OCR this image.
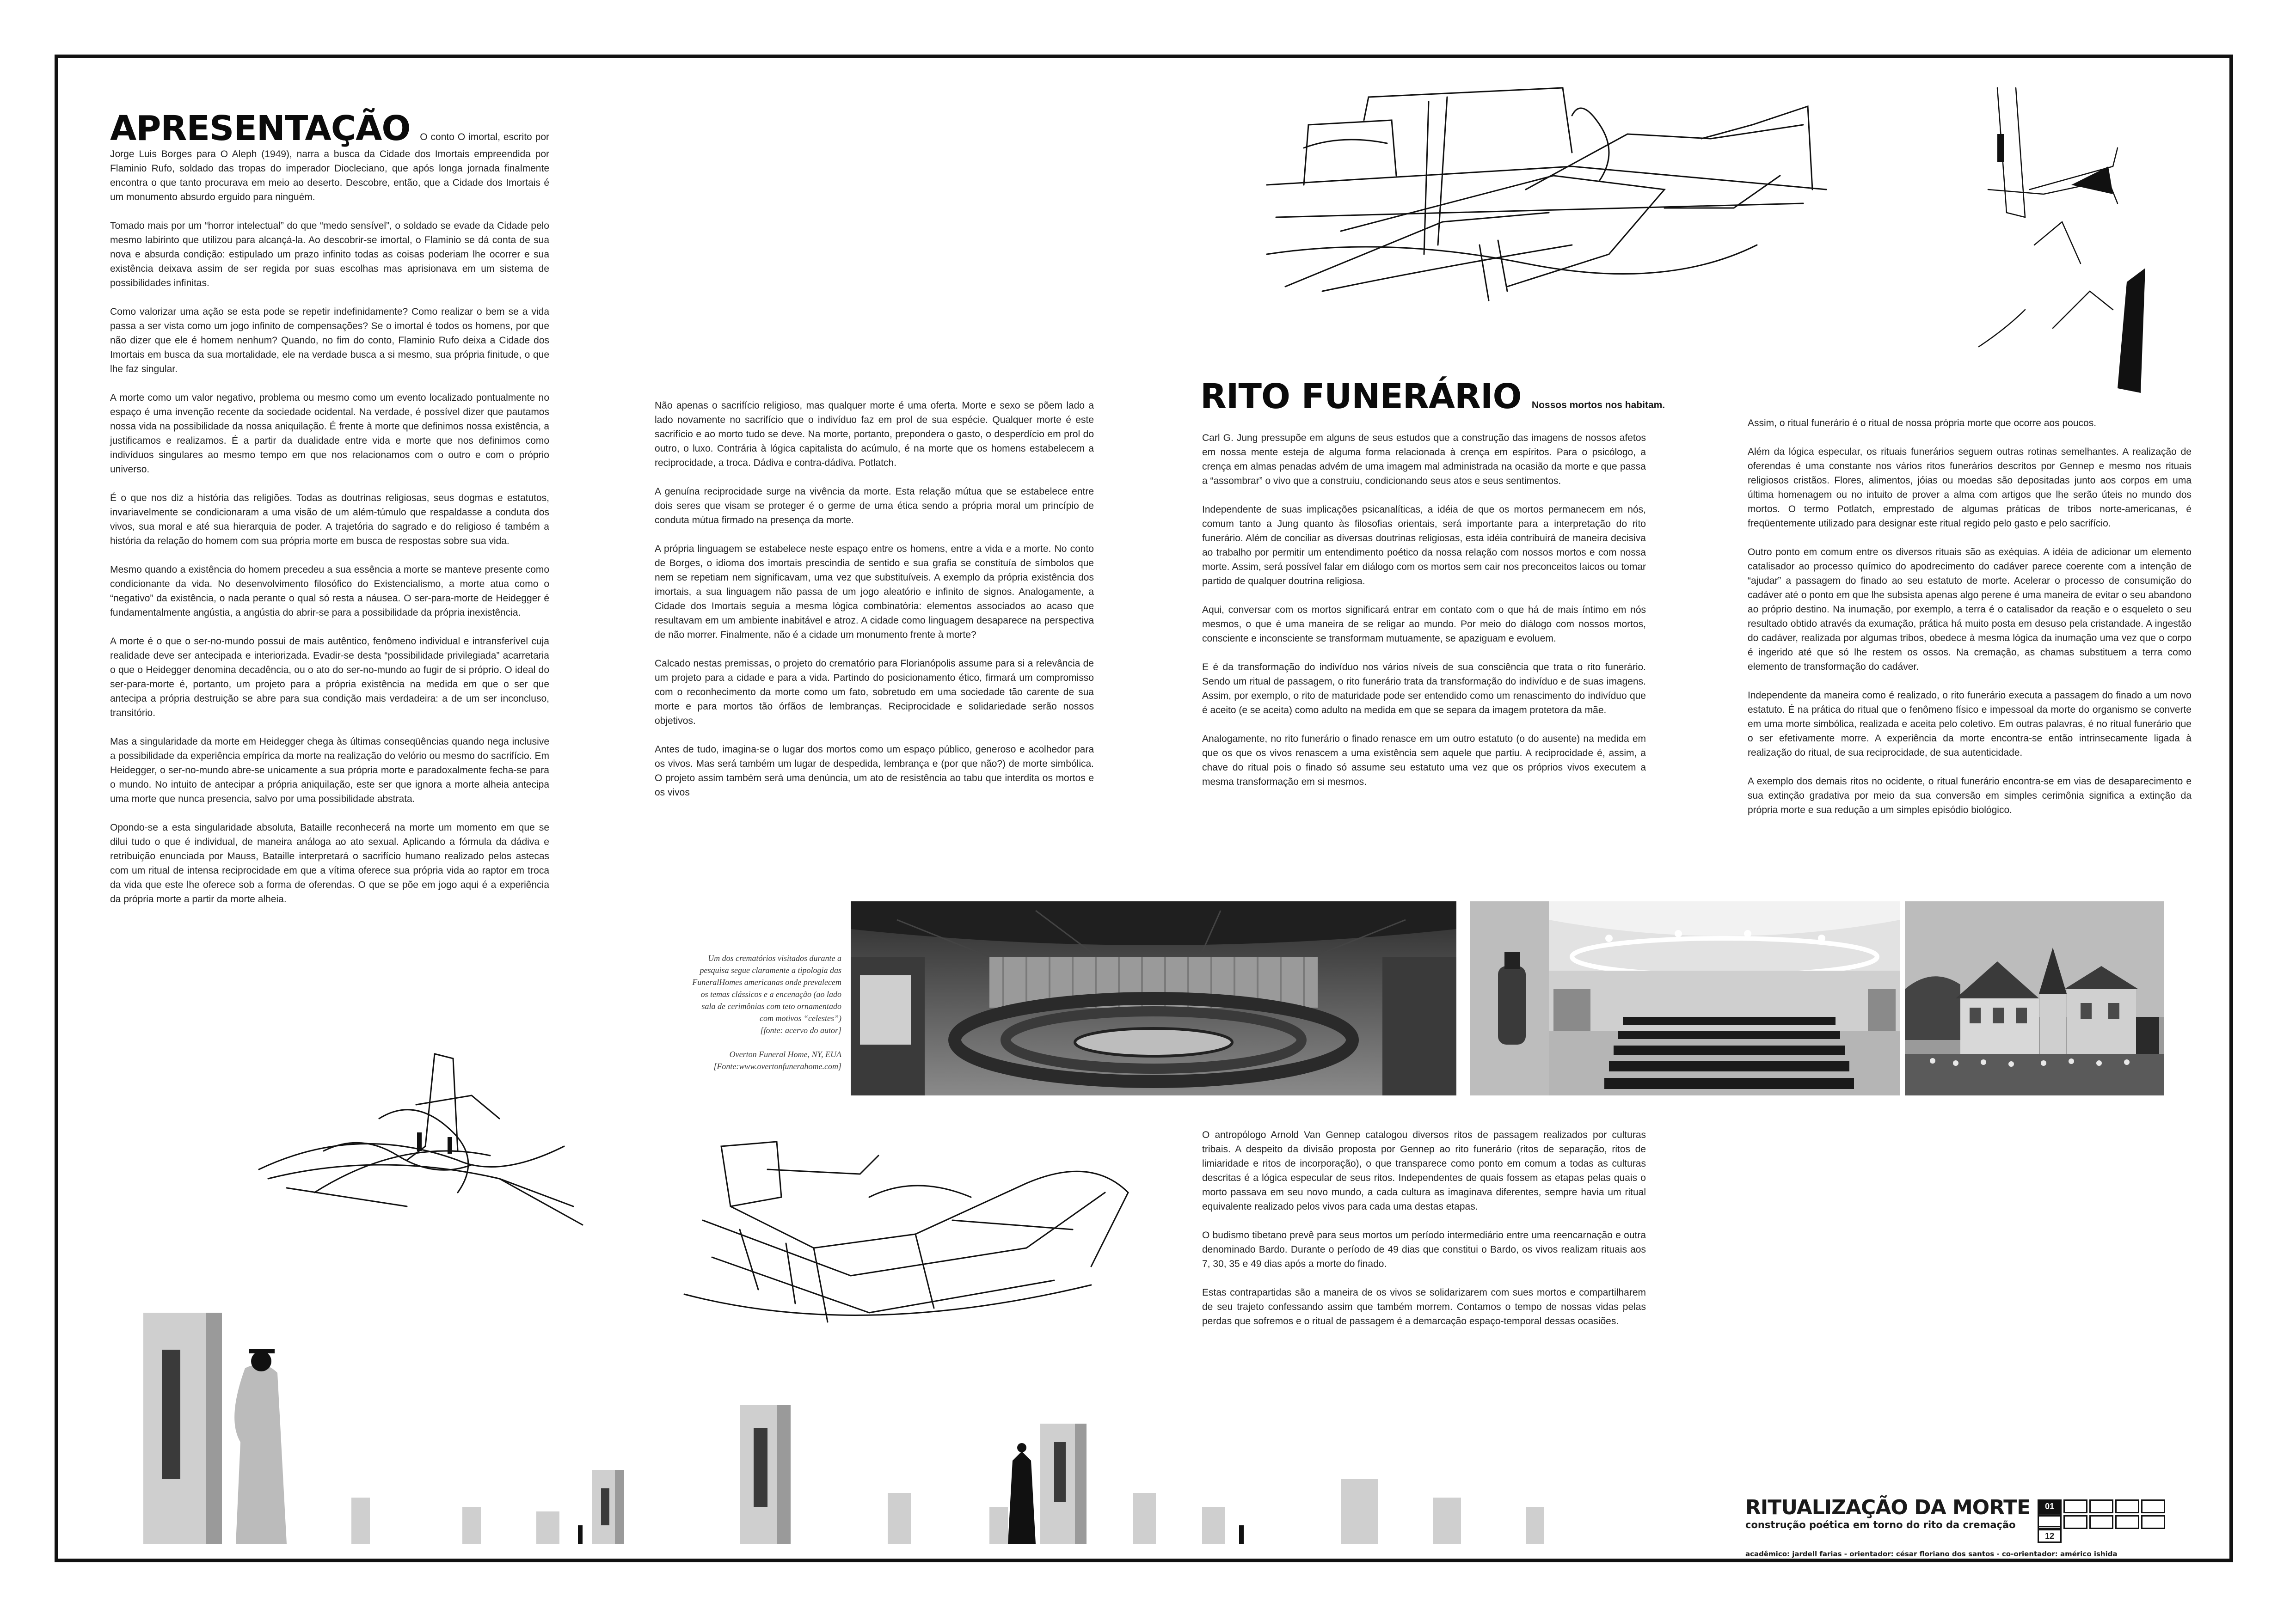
APRESENTAÇÃO O conto O imortal, escrito por Jorge Luis Borges para O Aleph (1949), narra a busca da Cidade dos Imortais empreendida por Flaminio Rufo, soldado das tropas do imperador Diocleciano, que após longa jornada finalmente encontra o que tanto procurava em meio ao deserto. Descobre, então, que a Cidade dos Imortais é um monumento absurdo erguido para ninguém.

Tomado mais por um “horror intelectual” do que “medo sensível”, o soldado se evade da Cidade pelo mesmo labirinto que utilizou para alcançá-la. Ao descobrir-se imortal, o Flaminio se dá conta de sua nova e absurda condição: estipulado um prazo infinito todas as coisas poderiam lhe ocorrer e sua existência deixava assim de ser regida por suas escolhas mas aprisionava em um sistema de possibilidades infinitas.

Como valorizar uma ação se esta pode se repetir indefinidamente? Como realizar o bem se a vida passa a ser vista como um jogo infinito de compensações? Se o imortal é todos os homens, por que não dizer que ele é homem nenhum? Quando, no fim do conto, Flaminio Rufo deixa a Cidade dos Imortais em busca da sua mortalidade, ele na verdade busca a si mesmo, sua própria finitude, o que lhe faz singular.

A morte como um valor negativo, problema ou mesmo como um evento localizado pontualmente no espaço é uma invenção recente da sociedade ocidental. Na verdade, é possível dizer que pautamos nossa vida na possibilidade da nossa aniquilação. É frente à morte que definimos nossa existência, a justificamos e realizamos. É a partir da dualidade entre vida e morte que nos definimos como indivíduos singulares ao mesmo tempo em que nos relacionamos com o outro e com o próprio universo.

É o que nos diz a história das religiões. Todas as doutrinas religiosas, seus dogmas e estatutos, invariavelmente se condicionaram a uma visão de um além-túmulo que respaldasse a conduta dos vivos, sua moral e até sua hierarquia de poder. A trajetória do sagrado e do religioso é também a história da relação do homem com sua própria morte em busca de respostas sobre sua vida.

Mesmo quando a existência do homem precedeu a sua essência a morte se manteve presente como condicionante da vida. No desenvolvimento filosófico do Existencialismo, a morte atua como o “negativo” da existência, o nada perante o qual só resta a náusea. O ser-para-morte de Heidegger é fundamentalmente angústia, a angústia do abrir-se para a possibilidade da própria inexistência.

A morte é o que o ser-no-mundo possui de mais autêntico, fenômeno individual e intransferível cuja realidade deve ser antecipada e interiorizada. Evadir-se desta “possibilidade privilegiada” acarretaria o que o Heidegger denomina decadência, ou o ato do ser-no-mundo ao fugir de si próprio. O ideal do ser-para-morte é, portanto, um projeto para a própria existência na medida em que o ser que antecipa a própria destruição se abre para sua condição mais verdadeira: a de um ser inconcluso, transitório.

Mas a singularidade da morte em Heidegger chega às últimas conseqüências quando nega inclusive a possibilidade da experiência empírica da morte na realização do velório ou mesmo do sacrifício. Em Heidegger, o ser-no-mundo abre-se unicamente a sua própria morte e paradoxalmente fecha-se para o mundo. No intuito de antecipar a própria aniquilação, este ser que ignora a morte alheia antecipa uma morte que nunca presencia, salvo por uma possibilidade abstrata.

Opondo-se a esta singularidade absoluta, Bataille reconhecerá na morte um momento em que se dilui tudo o que é individual, de maneira análoga ao ato sexual. Aplicando a fórmula da dádiva e retribuição enunciada por Mauss, Bataille interpretará o sacrifício humano realizado pelos astecas com um ritual de intensa reciprocidade em que a vítima oferece sua própria vida ao raptor em troca da vida que este lhe oferece sob a forma de oferendas. O que se põe em jogo aqui é a experiência da própria morte a partir da morte alheia.

Não apenas o sacrifício religioso, mas qualquer morte é uma oferta. Morte e sexo se põem lado a lado novamente no sacrifício que o indivíduo faz em prol de sua espécie. Qualquer morte é este sacrifício e ao morto tudo se deve. Na morte, portanto, prepondera o gasto, o desperdício em prol do outro, o luxo. Contrária à lógica capitalista do acúmulo, é na morte que os homens estabelecem a reciprocidade, a troca. Dádiva e contra-dádiva. Potlatch.

A genuína reciprocidade surge na vivência da morte. Esta relação mútua que se estabelece entre dois seres que visam se proteger é o germe de uma ética sendo a própria moral um princípio de conduta mútua firmado na presença da morte.

A própria linguagem se estabelece neste espaço entre os homens, entre a vida e a morte. No conto de Borges, o idioma dos imortais prescindia de sentido e sua grafia se constituía de símbolos que nem se repetiam nem significavam, uma vez que substituíveis. A exemplo da própria existência dos imortais, a sua linguagem não passa de um jogo aleatório e infinito de signos. Analogamente, a Cidade dos Imortais seguia a mesma lógica combinatória: elementos associados ao acaso que resultavam em um ambiente inabitável e atroz. A cidade como linguagem desaparece na perspectiva de não morrer. Finalmente, não é a cidade um monumento frente à morte?

Calcado nestas premissas, o projeto do crematório para Florianópolis assume para si a relevância de um projeto para a cidade e para a vida. Partindo do posicionamento ético, firmará um compromisso com o reconhecimento da morte como um fato, sobretudo em uma sociedade tão carente de sua morte e para mortos tão órfãos de lembranças. Reciprocidade e solidariedade serão nossos objetivos.

Antes de tudo, imagina-se o lugar dos mortos como um espaço público, generoso e acolhedor para os vivos. Mas será também um lugar de despedida, lembrança e (por que não?) de morte simbólica. O projeto assim também será uma denúncia, um ato de resistência ao tabu que interdita os mortos e os vivos

RITO FUNERÁRIO Nossos mortos nos habitam.

Carl G. Jung pressupõe em alguns de seus estudos que a construção das imagens de nossos afetos em nossa mente esteja de alguma forma relacionada à crença em espíritos. Para o psicólogo, a crença em almas penadas advém de uma imagem mal administrada na ocasião da morte e que passa a “assombrar” o vivo que a construiu, condicionando seus atos e seus sentimentos.

Independente de suas implicações psicanalíticas, a idéia de que os mortos permanecem em nós, comum tanto a Jung quanto às filosofias orientais, será importante para a interpretação do rito funerário. Além de conciliar as diversas doutrinas religiosas, esta idéia contribuirá de maneira decisiva ao trabalho por permitir um entendimento poético da nossa relação com nossos mortos e com nossa morte. Assim, será possível falar em diálogo com os mortos sem cair nos preconceitos laicos ou tomar partido de qualquer doutrina religiosa.

Aqui, conversar com os mortos significará entrar em contato com o que há de mais íntimo em nós mesmos, o que é uma maneira de se religar ao mundo. Por meio do diálogo com nossos mortos, consciente e inconsciente se transformam mutuamente, se apaziguam e evoluem.

E é da transformação do indivíduo nos vários níveis de sua consciência que trata o rito funerário. Sendo um ritual de passagem, o rito funerário trata da transformação do indivíduo e de suas imagens. Assim, por exemplo, o rito de maturidade pode ser entendido como um renascimento do indivíduo que é aceito (e se aceita) como adulto na medida em que se separa da imagem protetora da mãe.

Analogamente, no rito funerário o finado renasce em um outro estatuto (o do ausente) na medida em que os que os vivos renascem a uma existência sem aquele que partiu. A reciprocidade é, assim, a chave do ritual pois o finado só assume seu estatuto uma vez que os próprios vivos executem a mesma transformação em si mesmos.

Assim, o ritual funerário é o ritual de nossa própria morte que ocorre aos poucos.

Além da lógica especular, os rituais funerários seguem outras rotinas semelhantes. A realização de oferendas é uma constante nos vários ritos funerários descritos por Gennep e mesmo nos rituais religiosos cristãos. Flores, alimentos, jóias ou moedas são depositadas junto aos corpos em uma última homenagem ou no intuito de prover a alma com artigos que lhe serão úteis no mundo dos mortos. O termo Potlatch, emprestado de algumas práticas de tribos norte-americanas, é freqüentemente utilizado para designar este ritual regido pelo gasto e pelo sacrifício.

Outro ponto em comum entre os diversos rituais são as exéquias. A idéia de adicionar um elemento catalisador ao processo químico do apodrecimento do cadáver parece coerente com a intenção de “ajudar” a passagem do finado ao seu estatuto de morte. Acelerar o processo de consumição do cadáver até o ponto em que lhe subsista apenas algo perene é uma maneira de evitar o seu abandono ao próprio destino. Na inumação, por exemplo, a terra é o catalisador da reação e o esqueleto o seu resultado obtido através da exumação, prática há muito posta em desuso pela cristandade. A ingestão do cadáver, realizada por algumas tribos, obedece à mesma lógica da inumação uma vez que o corpo é ingerido até que só lhe restem os ossos. Na cremação, as chamas substituem a terra como elemento de transformação do cadáver.

Independente da maneira como é realizado, o rito funerário executa a passagem do finado a um novo estatuto. É na prática do ritual que o fenômeno físico e impessoal da morte do organismo se converte em uma morte simbólica, realizada e aceita pelo coletivo. Em outras palavras, é no ritual funerário que o ser efetivamente morre. A experiência da morte encontra-se então intrinsecamente ligada à realização do ritual, de sua reciprocidade, de sua autenticidade.

A exemplo dos demais ritos no ocidente, o ritual funerário encontra-se em vias de desaparecimento e sua extinção gradativa por meio da sua conversão em simples cerimônia significa a extinção da própria morte e sua redução a um simples episódio biológico.

O antropólogo Arnold Van Gennep catalogou diversos ritos de passagem realizados por culturas tribais. A despeito da divisão proposta por Gennep ao rito funerário (ritos de separação, ritos de limiaridade e ritos de incorporação), o que transparece como ponto em comum a todas as culturas descritas é a lógica especular de seus ritos. Independentes de quais fossem as etapas pelas quais o morto passava em seu novo mundo, a cada cultura as imaginava diferentes, sempre havia um ritual equivalente realizado pelos vivos para cada uma destas etapas.

O budismo tibetano prevê para seus mortos um período intermediário entre uma reencarnação e outra denominado Bardo. Durante o período de 49 dias que constitui o Bardo, os vivos realizam rituais aos 7, 30, 35 e 49 dias após a morte do finado.

Estas contrapartidas são a maneira de os vivos se solidarizarem com sues mortos e compartilharem de seu trajeto confessando assim que também morrem. Contamos o tempo de nossas vidas pelas perdas que sofremos e o ritual de passagem é a demarcação espaço-temporal dessas ocasiões.

Um dos crematórios visitados durante a
pesquisa segue claramente a tipologia das
FuneralHomes americanas onde prevalecem
os temas clássicos e a encenação (ao lado
sala de cerimônias com teto ornamentado
com motivos “celestes”)
[fonte: acervo do autor]
Overton Funeral Home, NY, EUA
[Fonte:www.overtonfunerahome.com]
RITUALIZAÇÃO DA MORTE
construção poética em torno do rito da cremação
01
12
acadêmico: jardell farias - orientador: césar floriano dos santos - co-orientador: américo ishida
